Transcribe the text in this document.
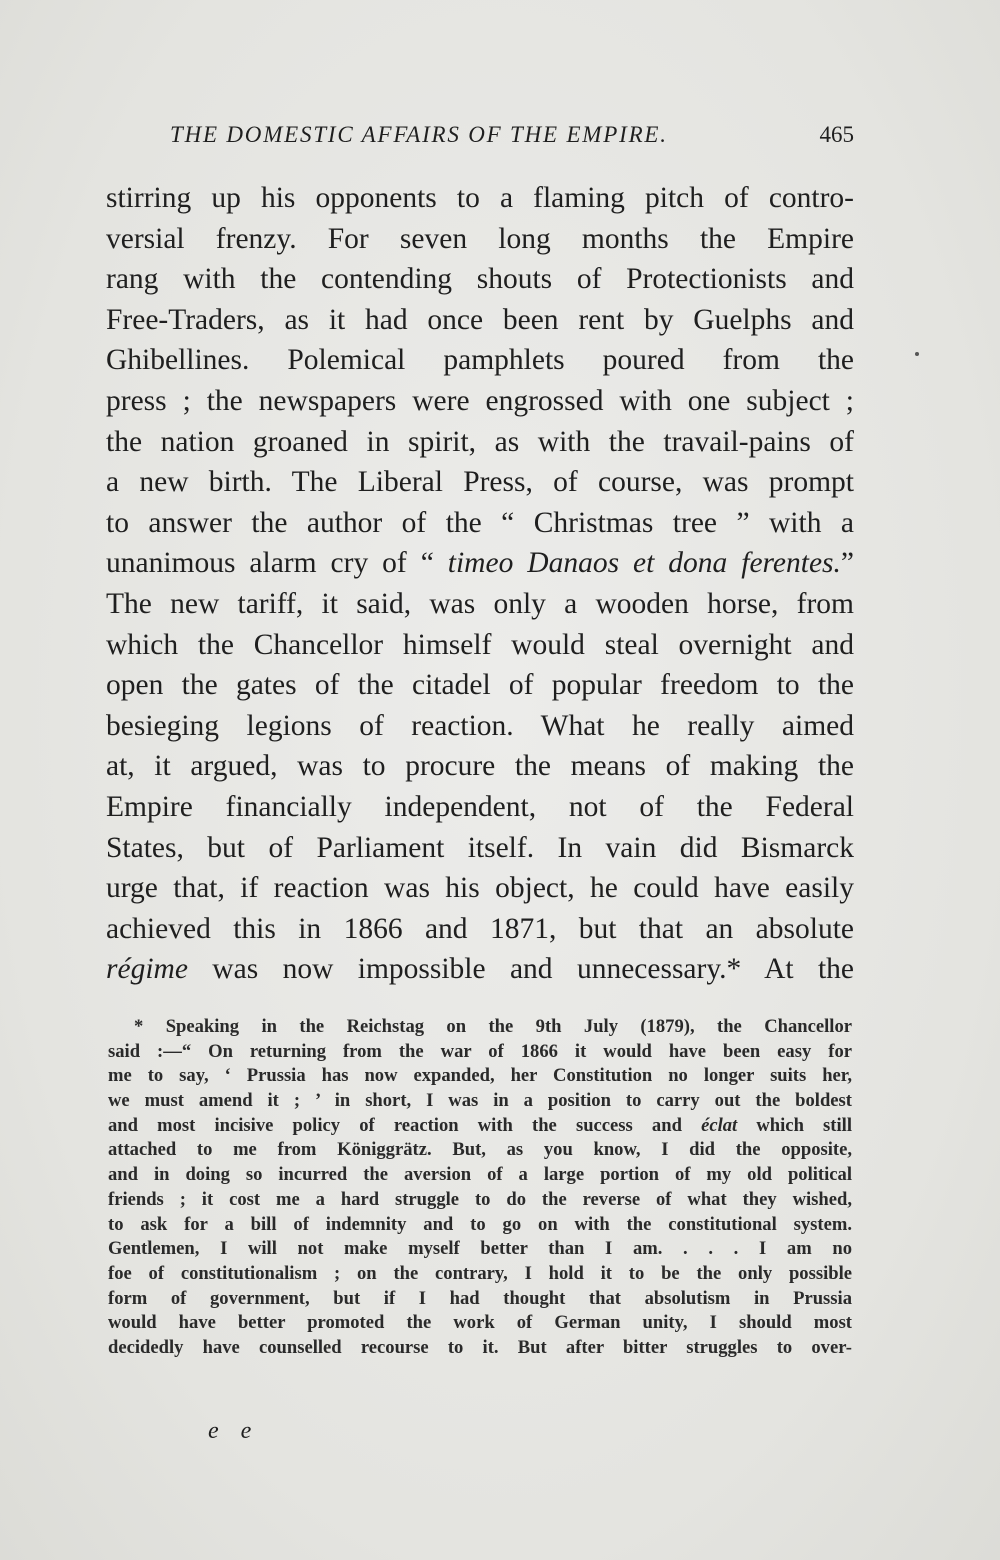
THE DOMESTIC AFFAIRS OF THE EMPIRE.	465
stirring up his opponents to a flaming pitch of contro-
versial frenzy. For seven long months the Empire
rang with the contending shouts of Protectionists and
Free-Traders, as it had once been rent by Guelphs and
Ghibellines. Polemical pamphlets poured from the
press ; the newspapers were engrossed with one subject ;
the nation groaned in spirit, as with the travail-pains of
a new birth. The Liberal Press, of course, was prompt
to answer the author of the “ Christmas tree ” with a
unanimous alarm cry of “ timeo Danaos et dona ferentes.”
The new tariff, it said, was only a wooden horse, from
which the Chancellor himself would steal overnight and
open the gates of the citadel of popular freedom to the
besieging legions of reaction. What he really aimed
at, it argued, was to procure the means of making the
Empire financially independent, not of the Federal
States, but of Parliament itself. In vain did Bismarck
urge that, if reaction was his object, he could have easily
achieved this in 1866 and 1871, but that an absolute
régime was now impossible and unnecessary.* At the
* Speaking in the Reichstag on the 9th July (1879), the Chancellor
said :—“ On returning from the war of 1866 it would have been easy for
me to say, ‘ Prussia has now expanded, her Constitution no longer suits her,
we must amend it ; ’ in short, I was in a position to carry out the boldest
and most incisive policy of reaction with the success and éclat which still
attached to me from Königgrätz. But, as you know, I did the opposite,
and in doing so incurred the aversion of a large portion of my old political
friends ; it cost me a hard struggle to do the reverse of what they wished,
to ask for a bill of indemnity and to go on with the constitutional system.
Gentlemen, I will not make myself better than I am. . . . I am no
foe of constitutionalism ; on the contrary, I hold it to be the only possible
form of government, but if I had thought that absolutism in Prussia
would have better promoted the work of German unity, I should most
decidedly have counselled recourse to it. But after bitter struggles to over-
e e
